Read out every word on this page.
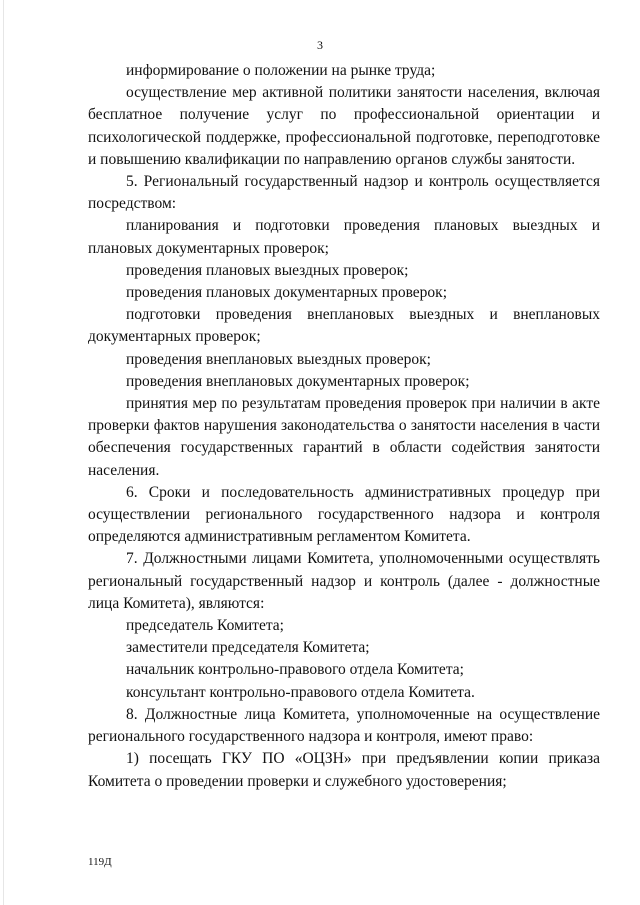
3

информирование о положении на рынке труда;

осуществление мер активной политики занятости населения, включая бесплатное получение услуг по профессиональной ориентации и психологической поддержке, профессиональной подготовке, переподготовке и повышению квалификации по направлению органов службы занятости.

5. Региональный государственный надзор и контроль осуществляется посредством:

планирования и подготовки проведения плановых выездных и плановых документарных проверок;

проведения плановых выездных проверок;

проведения плановых документарных проверок;

подготовки проведения внеплановых выездных и внеплановых документарных проверок;

проведения внеплановых выездных проверок;

проведения внеплановых документарных проверок;

принятия мер по результатам проведения проверок при наличии в акте проверки фактов нарушения законодательства о занятости населения в части обеспечения государственных гарантий в области содействия занятости населения.

6. Сроки и последовательность административных процедур при осуществлении регионального государственного надзора и контроля определяются административным регламентом Комитета.

7. Должностными лицами Комитета, уполномоченными осуществлять региональный государственный надзор и контроль (далее - должностные лица Комитета), являются:

председатель Комитета;

заместители председателя Комитета;

начальник контрольно-правового отдела Комитета;

консультант контрольно-правового отдела Комитета.

8. Должностные лица Комитета, уполномоченные на осуществление регионального государственного надзора и контроля, имеют право:

1) посещать ГКУ ПО «ОЦЗН» при предъявлении копии приказа Комитета о проведении проверки и служебного удостоверения;

119Д
